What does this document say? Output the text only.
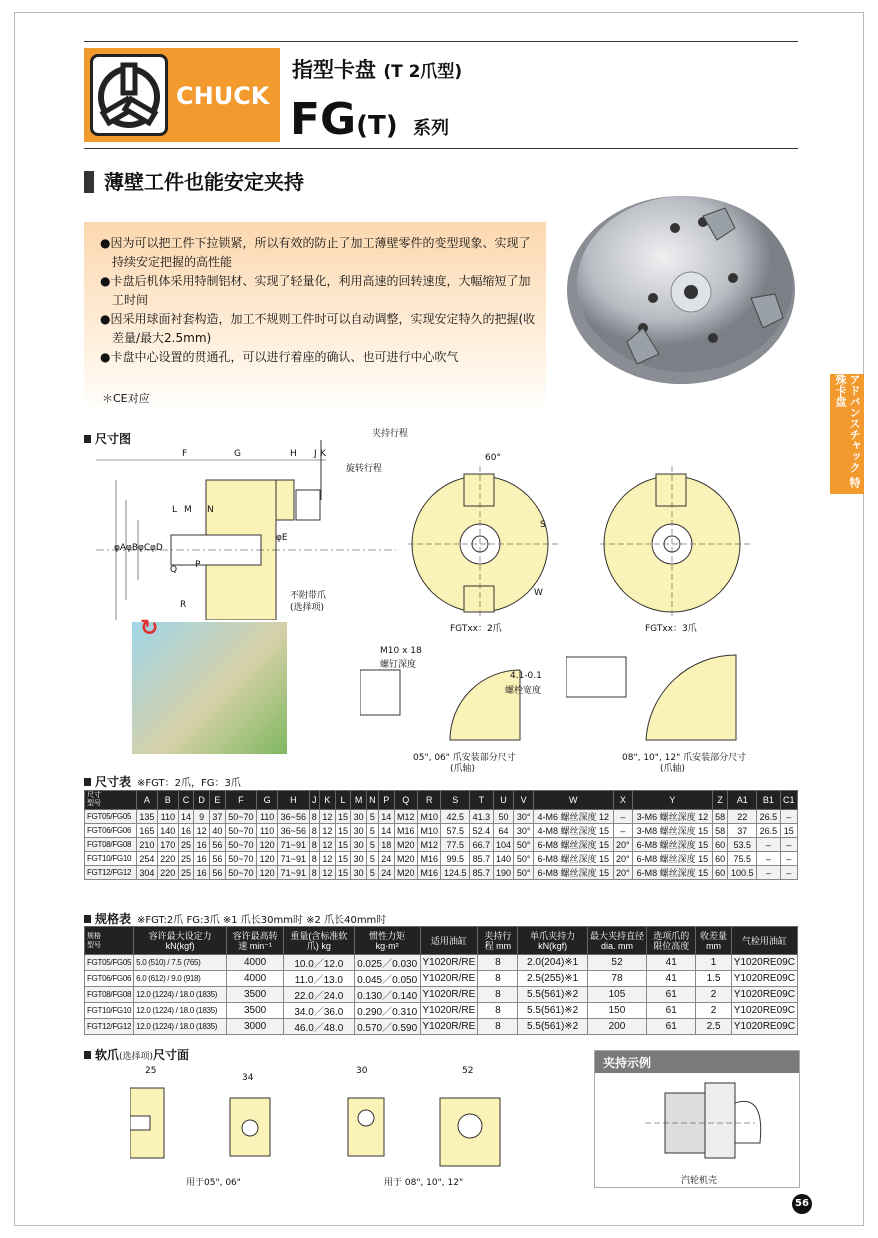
CHUCK
指型卡盘 (T 2爪型)
FG(T) 系列
薄壁工件也能安定夹持
●因为可以把工件下拉锁紧，所以有效的防止了加工薄壁零件的变型现象、实现了持续安定把握的高性能
●卡盘后机体采用特制铝材、实现了轻量化，利用高速的回转速度，大幅缩短了加工时间
●因采用球面衬套构造，加工不规则工件时可以自动调整，实现安定特久的把握(收差量/最大2.5mm)
●卡盘中心设置的贯通孔，可以进行着座的确认、也可进行中心吹气
＊CE对应	アドバンスチャック 特殊卡盘
尺寸图
F	G	H J K
L M N
φA φB φC φD
φE
P
Q
R
夹持行程
旋转行程
不附带爪
(选择项)
60°
S
W
FGTxx：2爪	FGTxx：3爪
↻
M10 x 18
螺钉深度
4.1-0.1
螺栓宽度
05", 06" 爪安装部分尺寸
(爪轴)
08", 10", 12" 爪安装部分尺寸
(爪轴)
尺寸表 ※FGT：2爪，FG：3爪
尺寸
型号	A	B	C	D	E	F	G	H	J	K	L	M	N	P	Q	R	S	T	U	V	W	X	Y	Z	A1	B1	C1
FGT05/FG05	135	110	14	9	37	50~70	110	36~56	8	12	15	30	5	14	M12	M10	42.5	41.3	50	30°	4-M6 螺丝深度 12	–	3-M6 螺丝深度 12	58	22	26.5	–
FGT06/FG06	165	140	16	12	40	50~70	110	36~56	8	12	15	30	5	14	M16	M10	57.5	52.4	64	30°	4-M8 螺丝深度 15	–	3-M8 螺丝深度 15	58	37	26.5	15
FGT08/FG08	210	170	25	16	56	50~70	120	71~91	8	12	15	30	5	18	M20	M12	77.5	66.7	104	50°	6-M8 螺丝深度 15	20°	6-M8 螺丝深度 15	60	53.5	–	–
FGT10/FG10	254	220	25	16	56	50~70	120	71~91	8	12	15	30	5	24	M20	M16	99.5	85.7	140	50°	6-M8 螺丝深度 15	20°	6-M8 螺丝深度 15	60	75.5	–	–
FGT12/FG12	304	220	25	16	56	50~70	120	71~91	8	12	15	30	5	24	M20	M16	124.5	85.7	190	50°	6-M8 螺丝深度 15	20°	6-M8 螺丝深度 15	60	100.5	–	–
规格表 ※FGT:2爪 FG:3爪 ※1 爪长30mm时 ※2 爪长40mm时
规格
型号	容许最大设定力 kN(kgf)	容许最高转速 min⁻¹	重量(含标准软爪) kg	惯性力矩 kg·m²	适用油缸	夹持行程 mm	单爪夹持力 kN(kgf)	最大夹持直径 dia. mm	选项爪的 限位高度	收差量 mm	气检用油缸
FGT05/FG05	5.0 (510) / 7.5 (765)	4000	10.0／12.0	0.025／0.030	Y1020R/RE	8	2.0(204)※1	52	41	1	Y1020RE09C
FGT06/FG06	6.0 (612) / 9.0 (918)	4000	11.0／13.0	0.045／0.050	Y1020R/RE	8	2.5(255)※1	78	41	1.5	Y1020RE09C
FGT08/FG08	12.0 (1224) / 18.0 (1835)	3500	22.0／24.0	0.130／0.140	Y1020R/RE	8	5.5(561)※2	105	61	2	Y1020RE09C
FGT10/FG10	12.0 (1224) / 18.0 (1835)	3500	34.0／36.0	0.290／0.310	Y1020R/RE	8	5.5(561)※2	150	61	2	Y1020RE09C
FGT12/FG12	12.0 (1224) / 18.0 (1835)	3000	46.0／48.0	0.570／0.590	Y1020R/RE	8	5.5(561)※2	200	61	2.5	Y1020RE09C
软爪(选择项)尺寸面
25
34
30	52
用于05", 06"	用于 08", 10", 12"
夹持示例
汽轮机壳
56
